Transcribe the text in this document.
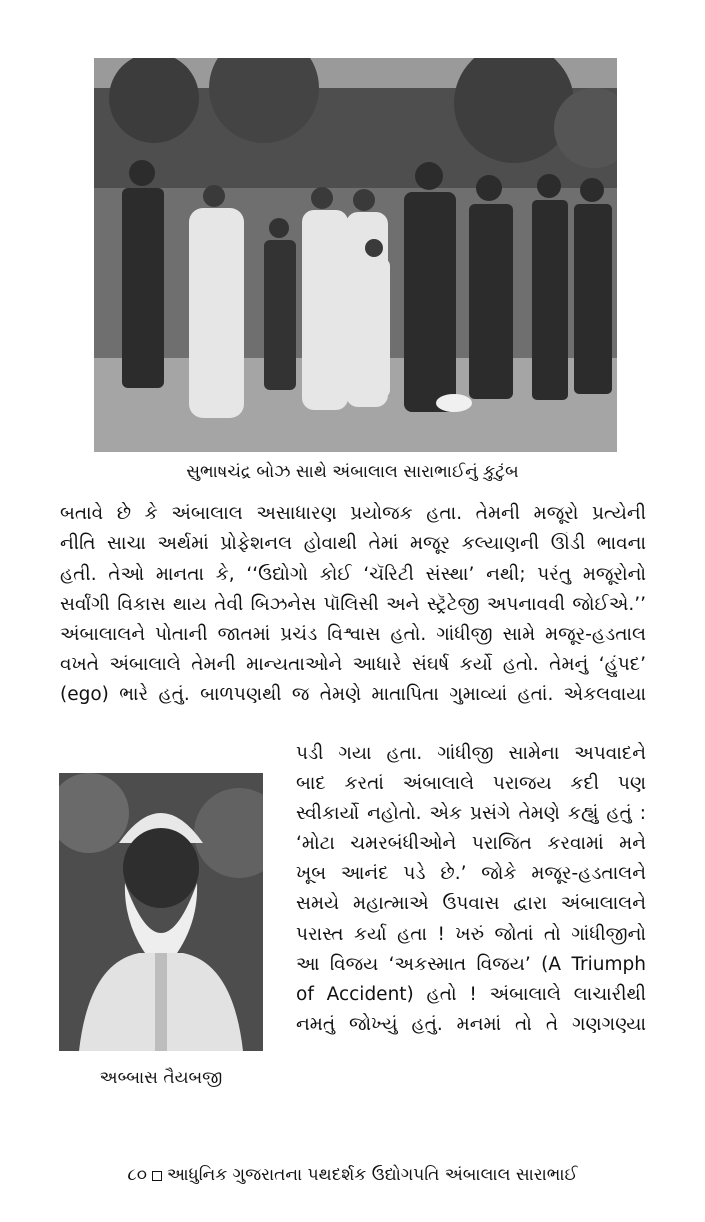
સુભાષચંદ્ર બોઝ સાથે અંબાલાલ સારાભાઈનું કુટુંબ

બતાવે છે કે અંબાલાલ અસાધારણ પ્રયોજક હતા. તેમની મજૂરો પ્રત્યેની

નીતિ સાચા અર્થમાં પ્રોફેશનલ હોવાથી તેમાં મજૂર કલ્યાણની ઊંડી ભાવના

હતી. તેઓ માનતા કે, ‘‘ઉદ્યોગો કોઈ ‘ચૅરિટી સંસ્થા’ નથી; પરંતુ મજૂરોનો

સર્વાંગી વિકાસ થાય તેવી બિઝનેસ પૉલિસી અને સ્ટ્રૅટેજી અપનાવવી જોઈએ.’’

અંબાલાલને પોતાની જાતમાં પ્રચંડ વિશ્વાસ હતો. ગાંધીજી સામે મજૂર-હડતાલ

વખતે અંબાલાલે તેમની માન્યતાઓને આધારે સંઘર્ષ કર્યો હતો. તેમનું ‘હુંપદ’

(ego) ભારે હતું. બાળપણથી જ તેમણે માતાપિતા ગુમાવ્યાં હતાં. એકલવાયા

અબ્બાસ તૈયબજી

પડી ગયા હતા. ગાંધીજી સામેના અપવાદને

બાદ કરતાં અંબાલાલે પરાજય કદી પણ

સ્વીકાર્યો નહોતો. એક પ્રસંગે તેમણે કહ્યું હતું :

‘મોટા ચમરબંધીઓને પરાજિત કરવામાં મને

ખૂબ આનંદ પડે છે.’ જોકે મજૂર-હડતાલને

સમયે મહાત્માએ ઉપવાસ દ્વારા અંબાલાલને

પરાસ્ત કર્યા હતા ! ખરું જોતાં તો ગાંધીજીનો

આ વિજય ‘અકસ્માત વિજય’ (A Triumph

of Accident) હતો ! અંબાલાલે લાચારીથી

નમતું જોખ્યું હતું. મનમાં તો તે ગણગણ્યા

૮૦ આધુનિક ગુજરાતના પથદર્શક ઉદ્યોગપતિ અંબાલાલ સારાભાઈ
